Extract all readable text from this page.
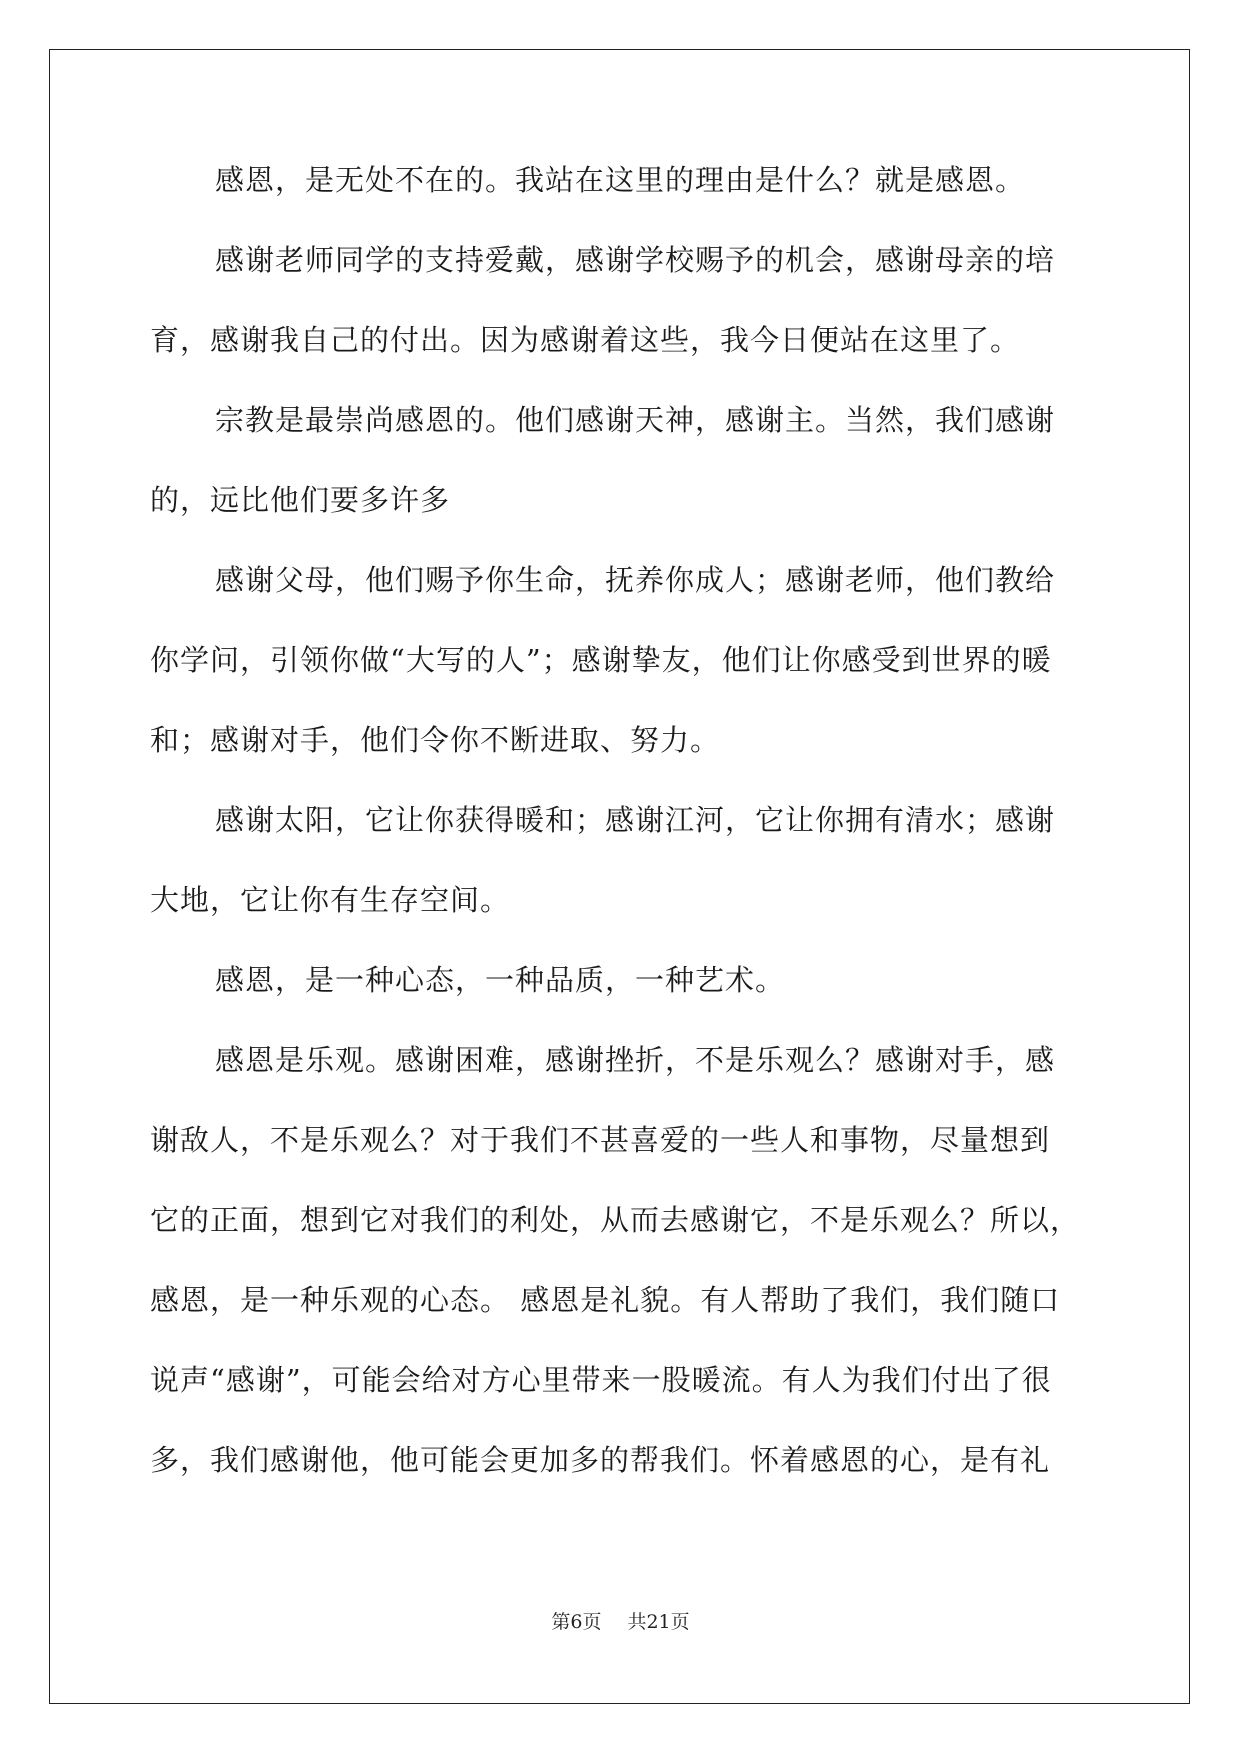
感恩，是无处不在的。我站在这里的理由是什么？就是感恩。
感谢老师同学的支持爱戴，感谢学校赐予的机会，感谢母亲的培
育，感谢我自己的付出。因为感谢着这些，我今日便站在这里了。
宗教是最崇尚感恩的。他们感谢天神，感谢主。当然，我们感谢
的，远比他们要多许多
感谢父母，他们赐予你生命，抚养你成人；感谢老师，他们教给
你学问，引领你做“大写的人”；感谢挚友，他们让你感受到世界的暖
和；感谢对手，他们令你不断进取、努力。
感谢太阳，它让你获得暖和；感谢江河，它让你拥有清水；感谢
大地，它让你有生存空间。
感恩，是一种心态，一种品质，一种艺术。
感恩是乐观。感谢困难，感谢挫折，不是乐观么？感谢对手，感
谢敌人，不是乐观么？对于我们不甚喜爱的一些人和事物，尽量想到
它的正面，想到它对我们的利处，从而去感谢它，不是乐观么？所以，
感恩，是一种乐观的心态。 感恩是礼貌。有人帮助了我们，我们随口
说声“感谢”，可能会给对方心里带来一股暖流。有人为我们付出了很
多，我们感谢他，他可能会更加多的帮我们。怀着感恩的心，是有礼
第6页 共21页
